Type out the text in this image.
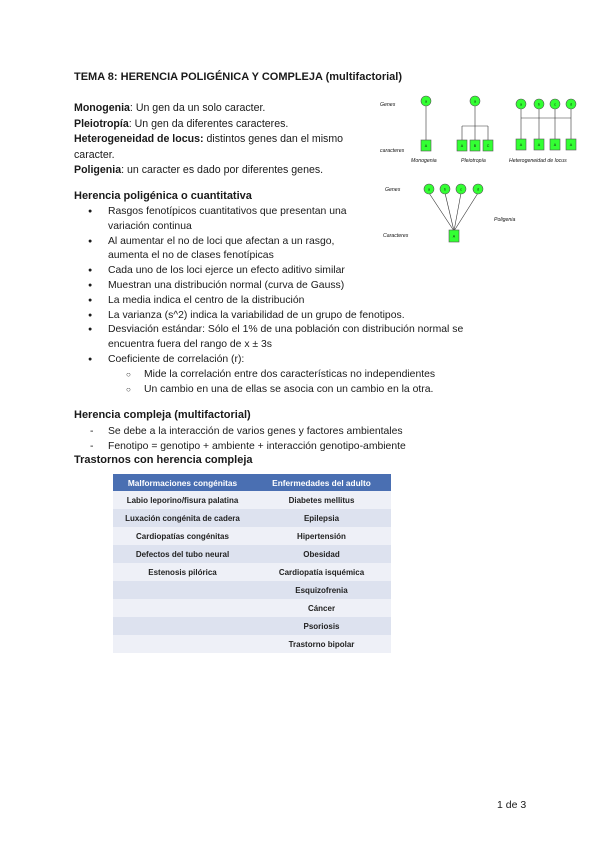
TEMA 8: HERENCIA POLIGÉNICA Y COMPLEJA (multifactorial)

Monogenia: Un gen da un solo caracter.

Pleiotropía: Un gen da diferentes caracteres.

Heterogeneidad de locus: distintos genes dan el mismo caracter.

Poligenia: un caracter es dado por diferentes genes.

Genes
caracteres
a
A
Monogenia
a
A	B	C
Pleiotropía
a	b	c	d
A	A	A	A
Heterogeneidad de locus
Genes
Caracteres
Poligenia
a	b	c	d
A
Herencia poligénica o cuantitativa
● Rasgos fenotípicos cuantitativos que presentan una
variación continua
● Al aumentar el no de loci que afectan a un rasgo,
aumenta el no de clases fenotípicas
● Cada uno de los loci ejerce un efecto aditivo similar
● Muestran una distribución normal (curva de Gauss)
● La media indica el centro de la distribución
● La varianza (s^2) indica la variabilidad de un grupo de fenotipos.
● Desviación estándar: Sólo el 1% de una población con distribución normal se
encuentra fuera del rango de x ± 3s
● Coeficiente de correlación (r):
○ Mide la correlación entre dos características no independientes
○ Un cambio en una de ellas se asocia con un cambio en la otra.
Herencia compleja (multifactorial)
- Se debe a la interacción de varios genes y factores ambientales
- Fenotipo = genotipo + ambiente + interacción genotipo-ambiente
Trastornos con herencia compleja
Malformaciones congénitas	Enfermedades del adulto
Labio leporino/fisura palatina	Diabetes mellitus
Luxación congénita de cadera	Epilepsia
Cardiopatías congénitas	Hipertensión
Defectos del tubo neural	Obesidad
Estenosis pilórica	Cardiopatía isquémica
	Esquizofrenia
	Cáncer
	Psoriosis
	Trastorno bipolar
1 de 3
